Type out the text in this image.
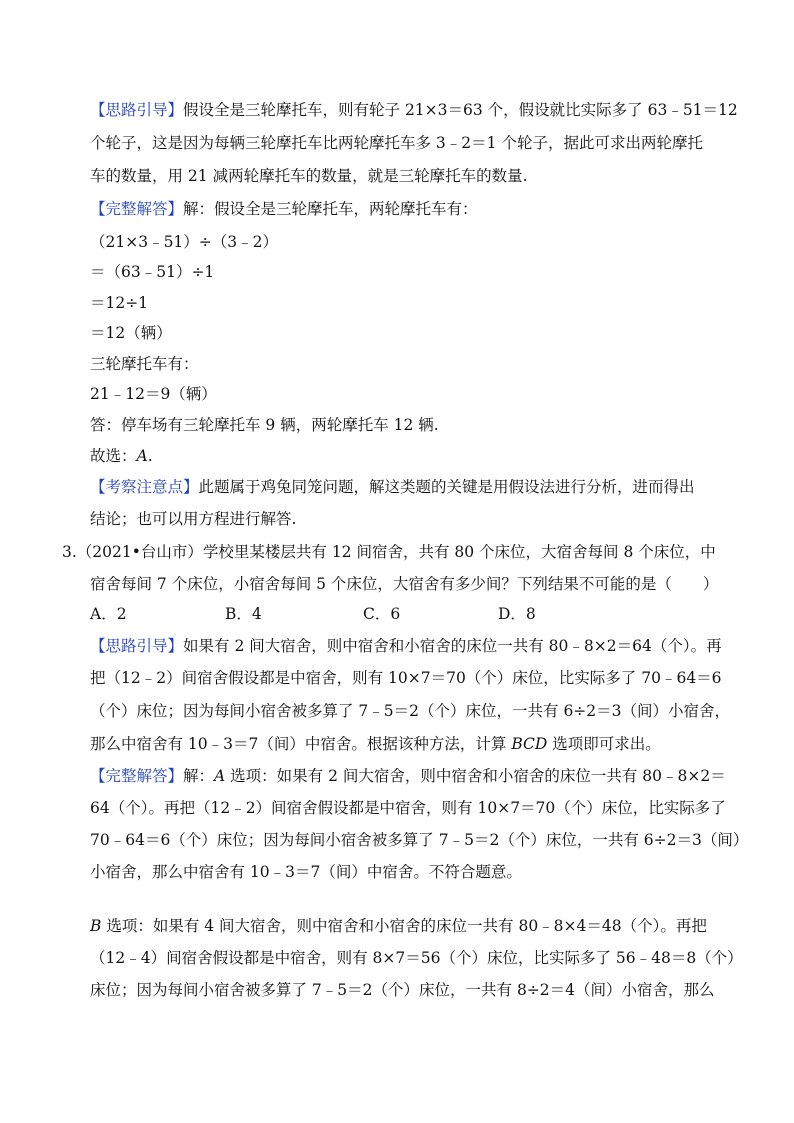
【思路引导】假设全是三轮摩托车，则有轮子 21×3＝63 个，假设就比实际多了 63﹣51＝12
个轮子，这是因为每辆三轮摩托车比两轮摩托车多 3﹣2＝1 个轮子，据此可求出两轮摩托
车的数量，用 21 减两轮摩托车的数量，就是三轮摩托车的数量.
【完整解答】解：假设全是三轮摩托车，两轮摩托车有：
（21×3﹣51）÷（3﹣2）
＝（63﹣51）÷1
＝12÷1
＝12（辆）
三轮摩托车有：
21﹣12＝9（辆）
答：停车场有三轮摩托车 9 辆，两轮摩托车 12 辆.
故选：A.
【考察注意点】此题属于鸡兔同笼问题，解这类题的关键是用假设法进行分析，进而得出
结论；也可以用方程进行解答.
3.（2021•台山市）学校里某楼层共有 12 间宿舍，共有 80 个床位，大宿舍每间 8 个床位，中
宿舍每间 7 个床位，小宿舍每间 5 个床位，大宿舍有多少间？下列结果不可能的是（　　）
A．2	B．4	C．6	D．8
【思路引导】如果有 2 间大宿舍，则中宿舍和小宿舍的床位一共有 80﹣8×2＝64（个）。再
把（12﹣2）间宿舍假设都是中宿舍，则有 10×7＝70（个）床位，比实际多了 70﹣64＝6
（个）床位；因为每间小宿舍被多算了 7﹣5＝2（个）床位，一共有 6÷2＝3（间）小宿舍，
那么中宿舍有 10﹣3＝7（间）中宿舍。根据该种方法，计算 BCD 选项即可求出。
【完整解答】解：A 选项：如果有 2 间大宿舍，则中宿舍和小宿舍的床位一共有 80﹣8×2＝
64（个）。再把（12﹣2）间宿舍假设都是中宿舍，则有 10×7＝70（个）床位，比实际多了
70﹣64＝6（个）床位；因为每间小宿舍被多算了 7﹣5＝2（个）床位，一共有 6÷2＝3（间）
小宿舍，那么中宿舍有 10﹣3＝7（间）中宿舍。不符合题意。
B 选项：如果有 4 间大宿舍，则中宿舍和小宿舍的床位一共有 80﹣8×4＝48（个）。再把
（12﹣4）间宿舍假设都是中宿舍，则有 8×7＝56（个）床位，比实际多了 56﹣48＝8（个）
床位；因为每间小宿舍被多算了 7﹣5＝2（个）床位，一共有 8÷2＝4（间）小宿舍，那么
